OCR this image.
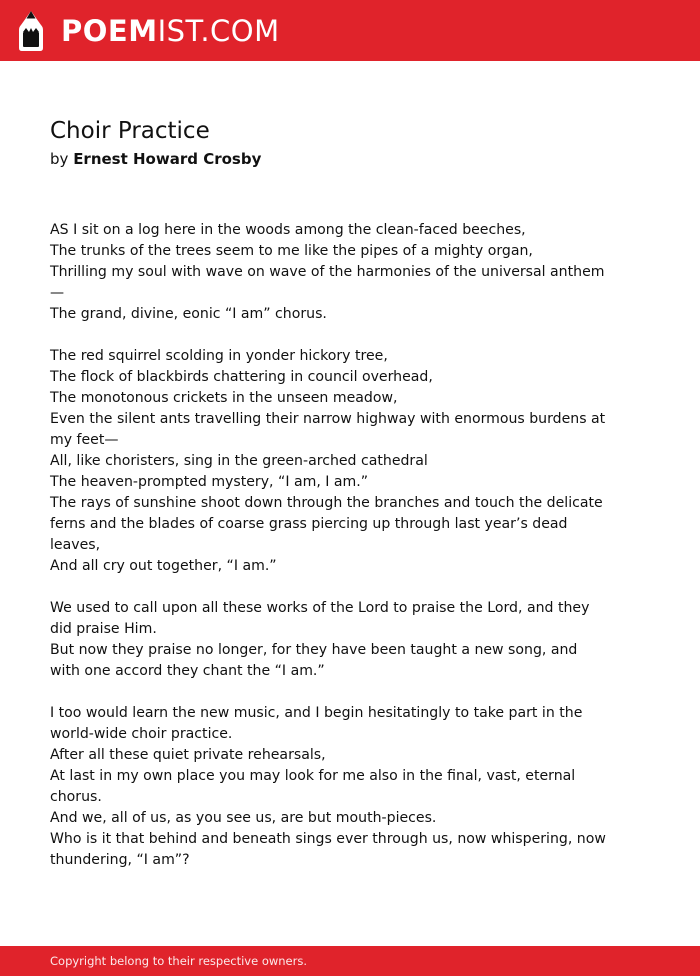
POEMIST.COM
Choir Practice

by Ernest Howard Crosby

AS I sit on a log here in the woods among the clean-faced beeches,
The trunks of the trees seem to me like the pipes of a mighty organ,
Thrilling my soul with wave on wave of the harmonies of the universal anthem—
The grand, divine, eonic “I am” chorus.

The red squirrel scolding in yonder hickory tree,
The flock of blackbirds chattering in council overhead,
The monotonous crickets in the unseen meadow,
Even the silent ants travelling their narrow highway with enormous burdens at my feet—
All, like choristers, sing in the green-arched cathedral
The heaven-prompted mystery, “I am, I am.”
The rays of sunshine shoot down through the branches and touch the delicate ferns and the blades of coarse grass piercing up through last year’s dead leaves,
And all cry out together, “I am.”

We used to call upon all these works of the Lord to praise the Lord, and they did praise Him.
But now they praise no longer, for they have been taught a new song, and with one accord they chant the “I am.”

I too would learn the new music, and I begin hesitatingly to take part in the world-wide choir practice.
After all these quiet private rehearsals,
At last in my own place you may look for me also in the final, vast, eternal chorus.
And we, all of us, as you see us, are but mouth-pieces.
Who is it that behind and beneath sings ever through us, now whispering, now thundering, “I am”?

Copyright belong to their respective owners.
